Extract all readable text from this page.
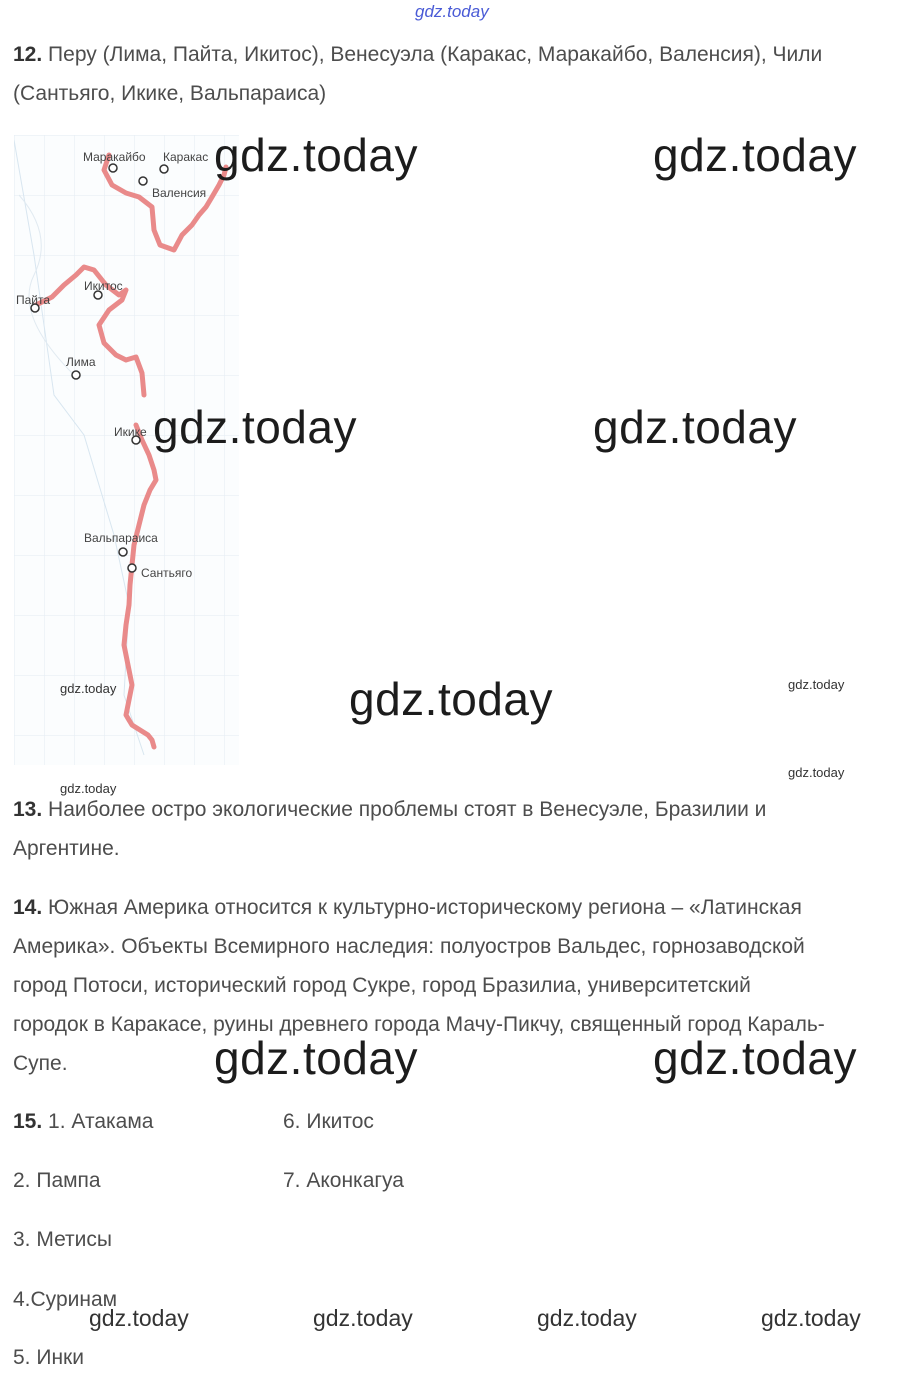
gdz.today
12. Перу (Лима, Пайта, Икитос), Венесуэла (Каракас, Маракайбо, Валенсия), Чили
(Сантьяго, Икике, Вальпараиса)
Маракайбо Каракас
Валенсия
Пайта
Икитос
Лима
Икике
Вальпараиса
Сантьяго
gdz.today	gdz.today
gdz.today	gdz.today
gdz.today
gdz.today	gdz.today
gdz.today
gdz.today
13. Наиболее остро экологические проблемы стоят в Венесуэле, Бразилии и
Аргентине.
14. Южная Америка относится к культурно-историческому региона – «Латинская
Америка». Объекты Всемирного наследия: полуостров Вальдес, горнозаводской
город Потоси, исторический город Сукре, город Бразилиа, университетский
городок в Каракасе, руины древнего города Мачу-Пикчу, священный город Караль-
Супе.	gdz.today	gdz.today
15. 1. Атакама
2. Пампа
3. Метисы
4.Суринам
5. Инки
6. Икитос
7. Аконкагуа
gdz.today	gdz.today	gdz.today	gdz.today
